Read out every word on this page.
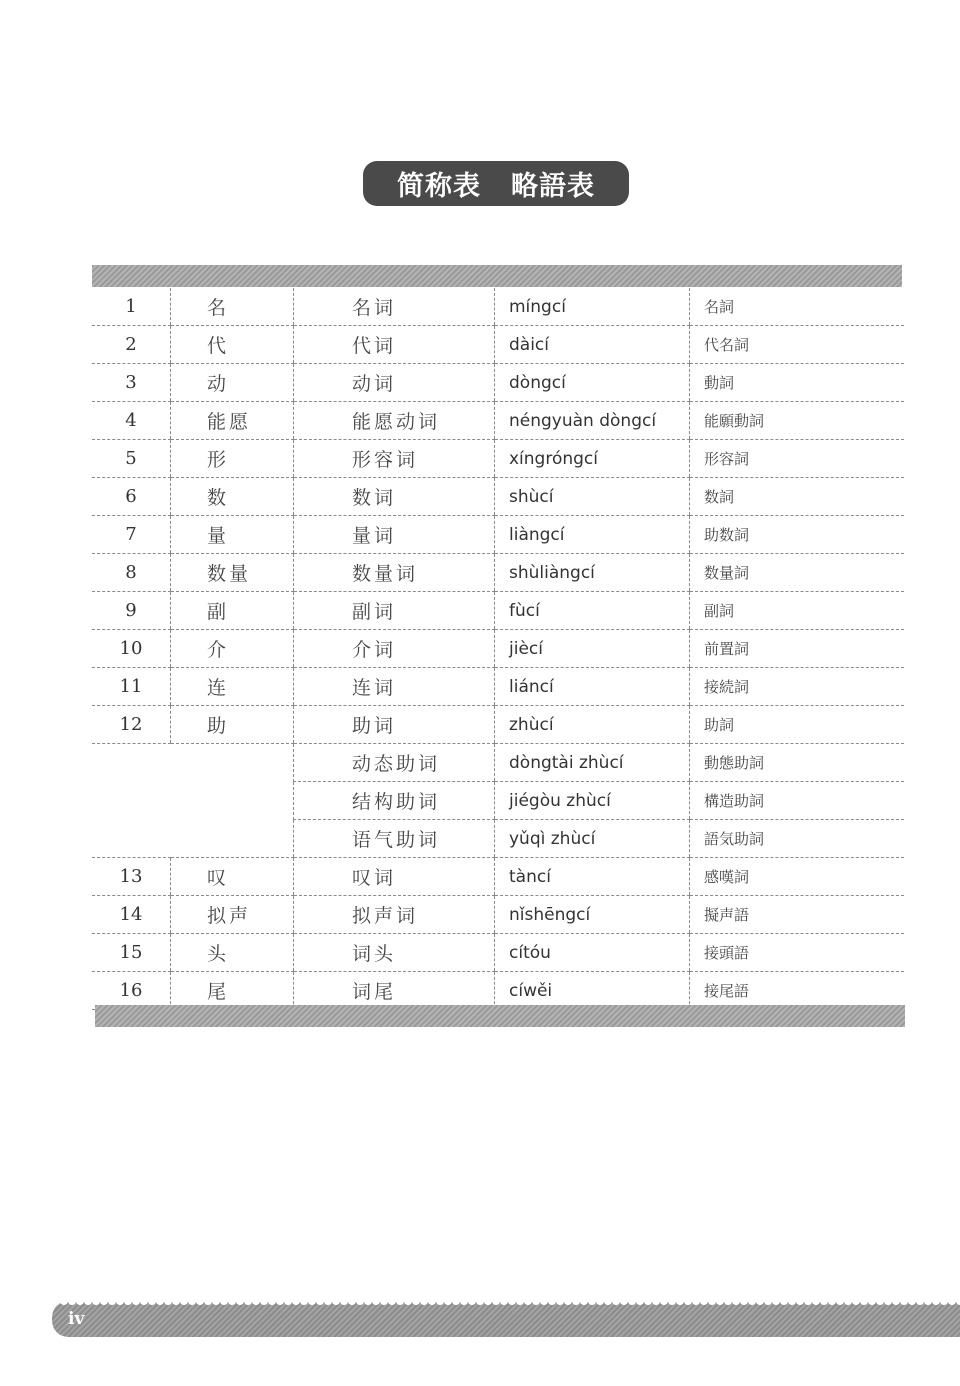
简称表 略語表
1	名	名词	míngcí	名詞
2	代	代词	dàicí	代名詞
3	动	动词	dòngcí	動詞
4	能愿	能愿动词	néngyuàn dòngcí	能願動詞
5	形	形容词	xíngróngcí	形容詞
6	数	数词	shùcí	数詞
7	量	量词	liàngcí	助数詞
8	数量	数量词	shùliàngcí	数量詞
9	副	副词	fùcí	副詞
10	介	介词	jiècí	前置詞
11	连	连词	liáncí	接続詞
12	助	助词	zhùcí	助詞
		动态助词	dòngtài zhùcí	動態助詞
		结构助词	jiégòu zhùcí	構造助詞
		语气助词	yǔqì zhùcí	語気助詞
13	叹	叹词	tàncí	感嘆詞
14	拟声	拟声词	nǐshēngcí	擬声語
15	头	词头	cítóu	接頭語
16	尾	词尾	cíwěi	接尾語
iv
